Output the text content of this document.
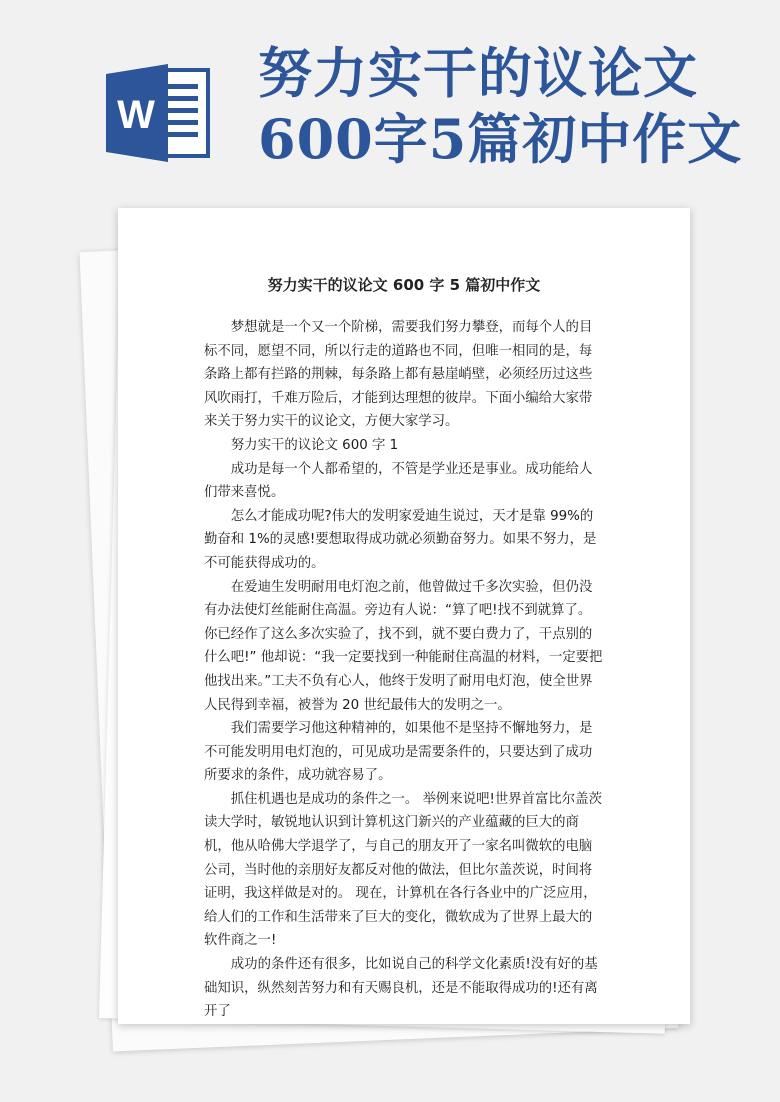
W
努力实干的议论文
600字5篇初中作文
努力实干的议论文 600 字 5 篇初中作文

梦想就是一个又一个阶梯，需要我们努力攀登，而每个人的目标不同，愿望不同，所以行走的道路也不同，但唯一相同的是，每条路上都有拦路的荆棘，每条路上都有悬崖峭壁，必须经历过这些风吹雨打，千难万险后，才能到达理想的彼岸。下面小编给大家带来关于努力实干的议论文，方便大家学习。

努力实干的议论文 600 字 1

成功是每一个人都希望的，不管是学业还是事业。成功能给人们带来喜悦。

怎么才能成功呢?伟大的发明家爱迪生说过，天才是靠 99%的勤奋和 1%的灵感!要想取得成功就必须勤奋努力。如果不努力，是不可能获得成功的。

在爱迪生发明耐用电灯泡之前，他曾做过千多次实验，但仍没有办法使灯丝能耐住高温。旁边有人说：“算了吧!找不到就算了。 你已经作了这么多次实验了，找不到，就不要白费力了，干点别的什么吧!” 他却说：“我一定要找到一种能耐住高温的材料，一定要把他找出来。”工夫不负有心人，他终于发明了耐用电灯泡，使全世界人民得到幸福，被誉为 20 世纪最伟大的发明之一。

我们需要学习他这种精神的，如果他不是坚持不懈地努力，是不可能发明用电灯泡的，可见成功是需要条件的，只要达到了成功所要求的条件，成功就容易了。

抓住机遇也是成功的条件之一。 举例来说吧!世界首富比尔盖茨读大学时，敏锐地认识到计算机这门新兴的产业蕴藏的巨大的商机，他从哈佛大学退学了，与自己的朋友开了一家名叫微软的电脑公司，当时他的亲朋好友都反对他的做法，但比尔盖茨说，时间将证明，我这样做是对的。 现在，计算机在各行各业中的广泛应用，给人们的工作和生活带来了巨大的变化，微软成为了世界上最大的软件商之一!

成功的条件还有很多，比如说自己的科学文化素质!没有好的基础知识，纵然刻苦努力和有天赐良机，还是不能取得成功的!还有离开了
